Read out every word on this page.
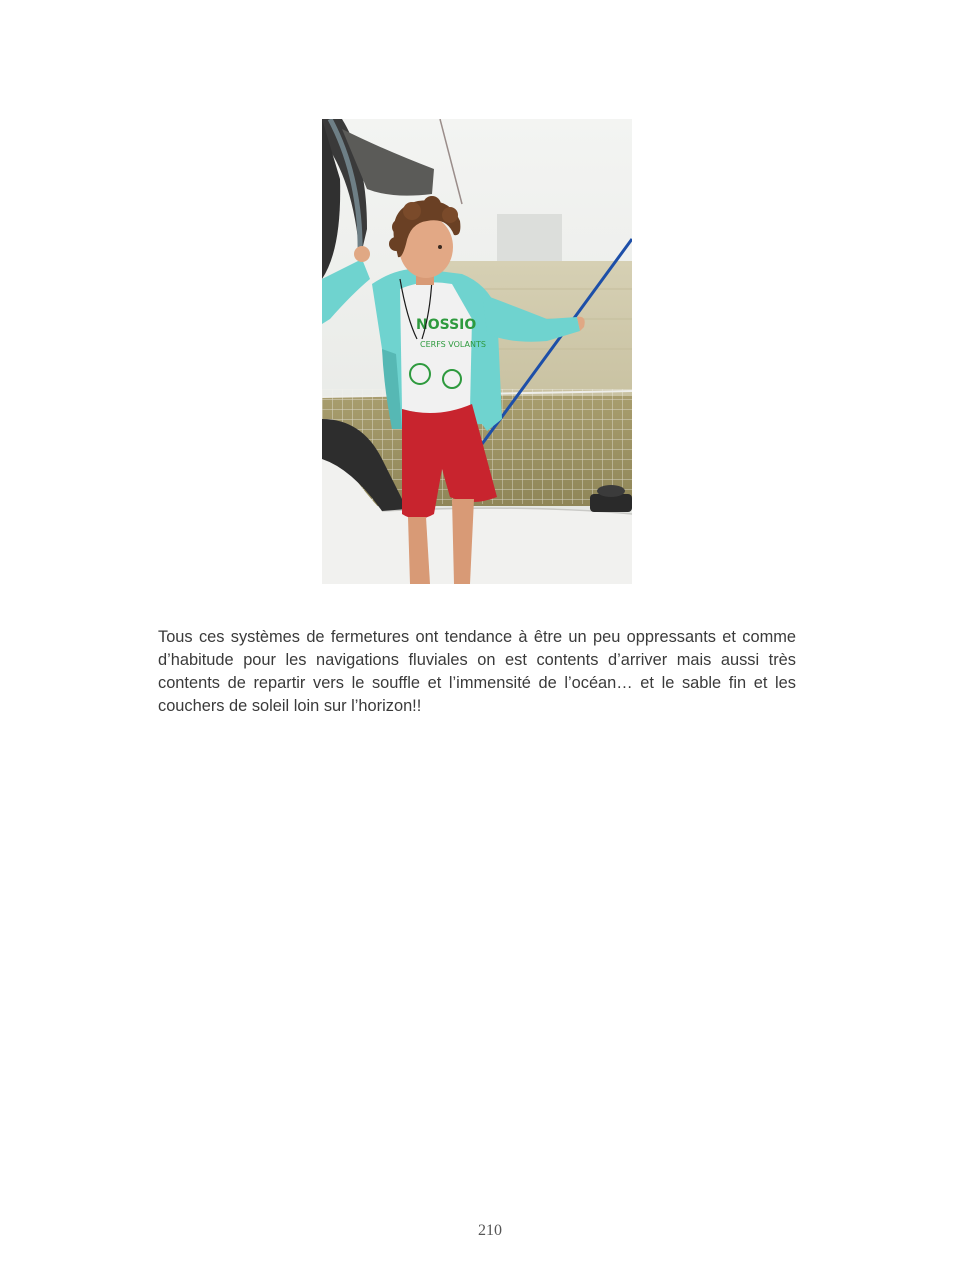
NOSSIO
CERFS VOLANTS

Tous ces systèmes de fermetures ont tendance à être un peu oppressants et comme d’habitude pour les navigations fluviales on est contents d’arriver mais aussi très contents de repartir vers le souffle et l’immensité de l’océan… et le sable fin et les couchers de soleil loin sur l’horizon!!

210
